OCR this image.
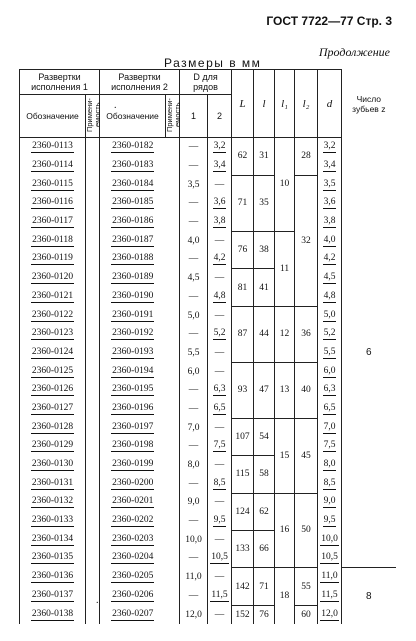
ГОСТ 7722—77 Стр. 3
Продолжение
Размеры в мм
Развертки исполнения 1		Развертки исполнения 2		D для рядов		L	l	l₁	l₂	d	Число зубьев z
Обозначение	Примени-емость	Обозначение	Примени-емость	1	2						
2360-0113		2360-0182		—	3,2	62	31	10	28	3,2	6
2360-0114		2360-0183		—	3,4					3,4	
2360-0115		2360-0184		3,5	—	71	35		32	3,5	
2360-0116		2360-0185		—	3,6					3,6	
2360-0117		2360-0186		—	3,8					3,8	
2360-0118		2360-0187		4,0	—	76	38	11		4,0	
2360-0119		2360-0188		—	4,2					4,2	
2360-0120		2360-0189		4,5	—	81	41			4,5	
2360-0121		2360-0190		—	4,8					4,8	
2360-0122		2360-0191		5,0	—	87	44	12	36	5,0	
2360-0123		2360-0192		—	5,2					5,2	
2360-0124		2360-0193		5,5	—					5,5	
2360-0125		2360-0194		6,0	—	93	47	13	40	6,0	
2360-0126		2360-0195		—	6,3					6,3	
2360-0127		2360-0196		—	6,5					6,5	
2360-0128		2360-0197		7,0	—	107	54	15	45	7,0	
2360-0129		2360-0198		—	7,5					7,5	
2360-0130		2360-0199		8,0	—	115	58			8,0	
2360-0131		2360-0200		—	8,5					8,5	
2360-0132		2360-0201		9,0	—	124	62	16	50	9,0	
2360-0133		2360-0202		—	9,5					9,5	
2360-0134		2360-0203		10,0	—	133	66			10,0	
2360-0135		2360-0204		—	10,5					10,5	
2360-0136		2360-0205		11,0	—	142	71	18	55	11,0	8
2360-0137		2360-0206		—	11,5					11,5	
2360-0138		2360-0207		12,0	—	152	76		60	12,0	
.
.
